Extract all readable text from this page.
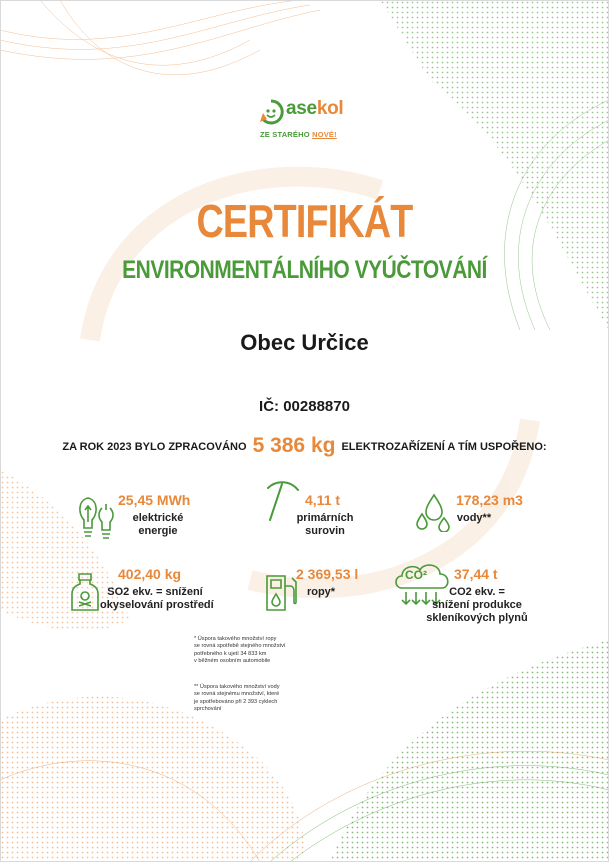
asekol
ZE STARÉHO NOVÉ!
CERTIFIKÁT
ENVIRONMENTÁLNÍHO VYÚČTOVÁNÍ
Obec Určice
IČ: 00288870
ZA ROK 2023 BYLO ZPRACOVÁNO 5 386 kg ELEKTROZAŘÍZENÍ A TÍM USPOŘENO:
25,45 MWh
elektrické
energie
4,11 t
primárních
surovin
178,23 m3
vody**
402,40 kg
SO2 ekv. = snížení
okyselování prostředí
2 369,53 l
ropy*
CO²	37,44 t
CO2 ekv. =
snížení produkce
skleníkových plynů
* Úspora takového množství ropy
se rovná spotřebě stejného množství
potřebného k ujetí 34 833 km
v běžném osobním automobile
** Úspora takového množství vody
se rovná stejnému množství, které
je spotřebováno při 2 393 cyklech
sprchování
